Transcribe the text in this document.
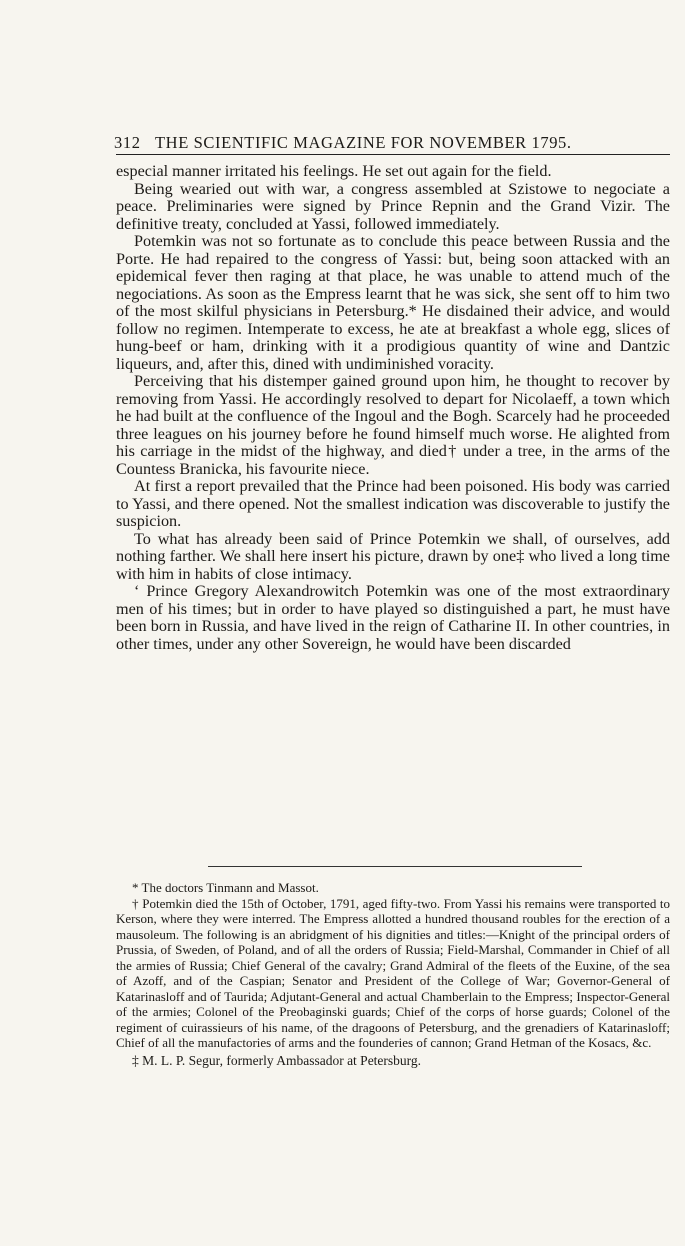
312 THE SCIENTIFIC MAGAZINE FOR NOVEMBER 1795.

especial manner irritated his feelings. He set out again for the field.

Being wearied out with war, a congress assembled at Szistowe to negociate a peace. Preliminaries were signed by Prince Repnin and the Grand Vizir. The definitive treaty, concluded at Yassi, followed immediately.

Potemkin was not so fortunate as to conclude this peace between Russia and the Porte. He had repaired to the congress of Yassi: but, being soon attacked with an epidemical fever then raging at that place, he was unable to attend much of the negociations. As soon as the Empress learnt that he was sick, she sent off to him two of the most skilful physicians in Petersburg.* He disdained their advice, and would follow no regimen. Intemperate to excess, he ate at breakfast a whole egg, slices of hung-beef or ham, drinking with it a prodigious quantity of wine and Dantzic liqueurs, and, after this, dined with undiminished voracity.

Perceiving that his distemper gained ground upon him, he thought to recover by removing from Yassi. He accordingly resolved to depart for Nicolaeff, a town which he had built at the confluence of the Ingoul and the Bogh. Scarcely had he proceeded three leagues on his journey before he found himself much worse. He alighted from his carriage in the midst of the highway, and died† under a tree, in the arms of the Countess Branicka, his favourite niece.

At first a report prevailed that the Prince had been poisoned. His body was carried to Yassi, and there opened. Not the smallest indication was discoverable to justify the suspicion.

To what has already been said of Prince Potemkin we shall, of ourselves, add nothing farther. We shall here insert his picture, drawn by one‡ who lived a long time with him in habits of close intimacy.

‘ Prince Gregory Alexandrowitch Potemkin was one of the most extraordinary men of his times; but in order to have played so distinguished a part, he must have been born in Russia, and have lived in the reign of Catharine II. In other countries, in other times, under any other Sovereign, he would have been discarded

* The doctors Tinmann and Massot.

† Potemkin died the 15th of October, 1791, aged fifty-two. From Yassi his remains were transported to Kerson, where they were interred. The Empress allotted a hundred thousand roubles for the erection of a mausoleum. The following is an abridgment of his dignities and titles:—Knight of the principal orders of Prussia, of Sweden, of Poland, and of all the orders of Russia; Field-Marshal, Commander in Chief of all the armies of Russia; Chief General of the cavalry; Grand Admiral of the fleets of the Euxine, of the sea of Azoff, and of the Caspian; Senator and President of the College of War; Governor-General of Katarinasloff and of Taurida; Adjutant-General and actual Chamberlain to the Empress; Inspector-General of the armies; Colonel of the Preobaginski guards; Chief of the corps of horse guards; Colonel of the regiment of cuirassieurs of his name, of the dragoons of Petersburg, and the grenadiers of Katarinasloff; Chief of all the manufactories of arms and the founderies of cannon; Grand Hetman of the Kosacs, &c.

‡ M. L. P. Segur, formerly Ambassador at Petersburg.
